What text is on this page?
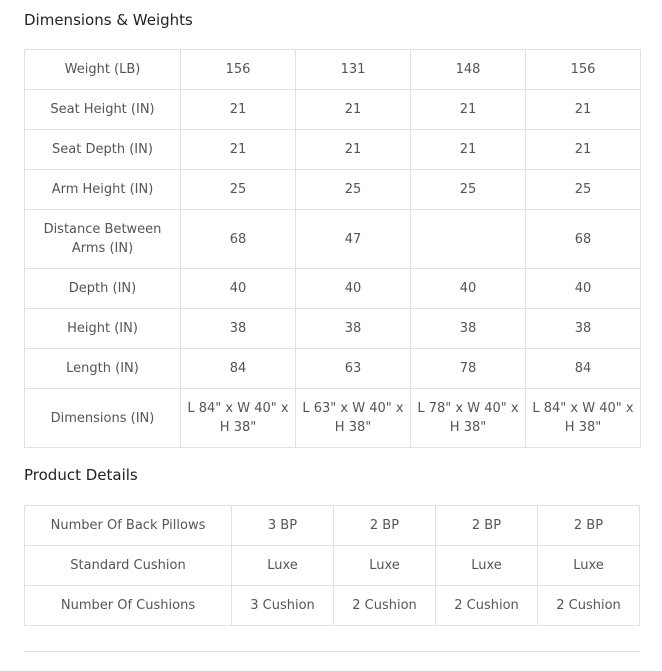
Dimensions & Weights
Weight (LB)	156	131	148	156
Seat Height (IN)	21	21	21	21
Seat Depth (IN)	21	21	21	21
Arm Height (IN)	25	25	25	25
Distance Between Arms (IN)	68	47		68
Depth (IN)	40	40	40	40
Height (IN)	38	38	38	38
Length (IN)	84	63	78	84
Dimensions (IN)	L 84" x W 40" x H 38"	L 63" x W 40" x H 38"	L 78" x W 40" x H 38"	L 84" x W 40" x H 38"
Product Details
Number Of Back Pillows	3 BP	2 BP	2 BP	2 BP
Standard Cushion	Luxe	Luxe	Luxe	Luxe
Number Of Cushions	3 Cushion	2 Cushion	2 Cushion	2 Cushion
